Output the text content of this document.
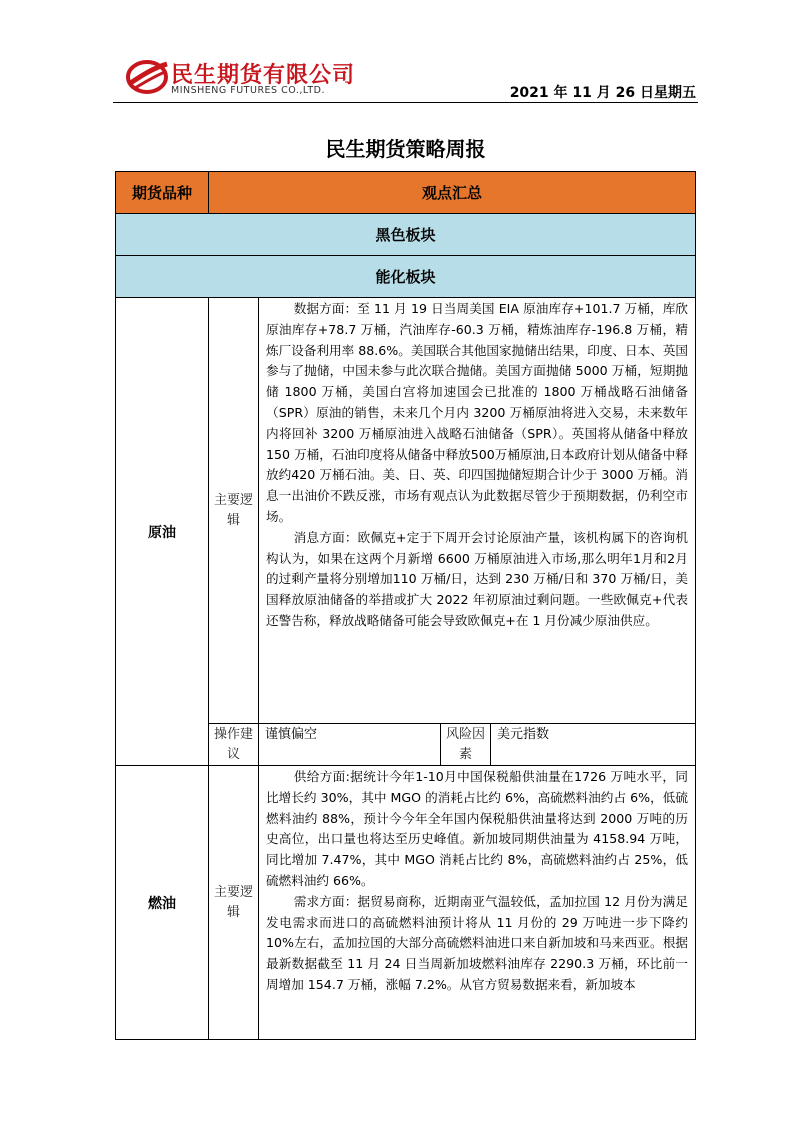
民生期货有限公司
MINSHENG FUTURES CO.,LTD.	2021 年 11 月 26 日星期五
民生期货策略周报
期货品种	观点汇总			
黑色板块				
能化板块				
原油	主要逻辑	数据方面：至 11 月 19 日当周美国 EIA 原油库存+101.7 万桶，库欣原油库存+78.7 万桶，汽油库存-60.3 万桶，精炼油库存-196.8 万桶，精炼厂设备利用率 88.6%。美国联合其他国家抛储出结果，印度、日本、英国参与了抛储，中国未参与此次联合抛储。美国方面抛储 5000 万桶，短期抛储 1800 万桶，美国白宫将加速国会已批准的 1800 万桶战略石油储备（SPR）原油的销售，未来几个月内 3200 万桶原油将进入交易，未来数年内将回补 3200 万桶原油进入战略石油储备（SPR）。英国将从储备中释放 150 万桶，石油印度将从储备中释放500万桶原油,日本政府计划从储备中释放约420 万桶石油。美、日、英、印四国抛储短期合计少于 3000 万桶。消息一出油价不跌反涨，市场有观点认为此数据尽管少于预期数据，仍利空市场。

消息方面：欧佩克+定于下周开会讨论原油产量，该机构属下的咨询机构认为，如果在这两个月新增 6600 万桶原油进入市场,那么明年1月和2月的过剩产量将分别增加110 万桶/日，达到 230 万桶/日和 370 万桶/日，美国释放原油储备的举措或扩大 2022 年初原油过剩问题。一些欧佩克+代表还警告称，释放战略储备可能会导致欧佩克+在 1 月份减少原油供应。		

	操作建议	谨慎偏空	风险因素	美元指数
燃油	主要逻辑	供给方面:据统计今年1-10月中国保税船供油量在1726 万吨水平，同比增长约 30%，其中 MGO 的消耗占比约 6%，高硫燃料油约占 6%，低硫燃料油约 88%，预计今今年全年国内保税船供油量将达到 2000 万吨的历史高位，出口量也将达至历史峰值。新加坡同期供油量为 4158.94 万吨，同比增加 7.47%，其中 MGO 消耗占比约 8%，高硫燃料油约占 25%，低硫燃料油约 66%。

需求方面：据贸易商称，近期南亚气温较低，孟加拉国 12 月份为满足发电需求而进口的高硫燃料油预计将从 11 月份的 29 万吨进一步下降约 10%左右，孟加拉国的大部分高硫燃料油进口来自新加坡和马来西亚。根据最新数据截至 11 月 24 日当周新加坡燃料油库存 2290.3 万桶，环比前一周增加 154.7 万桶，涨幅 7.2%。从官方贸易数据来看，新加坡本		
